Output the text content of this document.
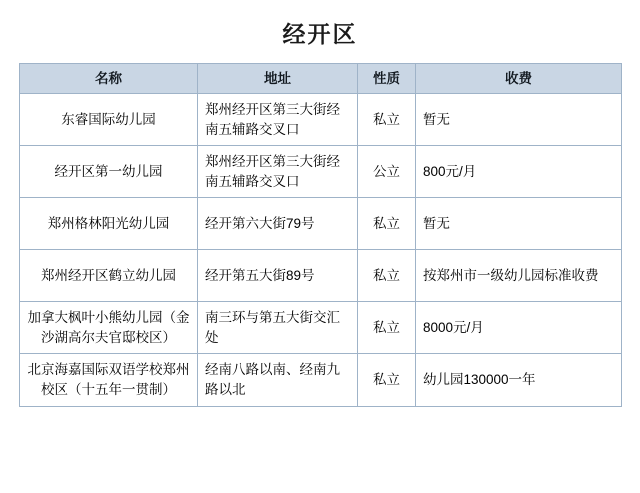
经开区
名称	地址	性质	收费
东睿国际幼儿园	郑州经开区第三大街经南五辅路交叉口	私立	暂无
经开区第一幼儿园	郑州经开区第三大街经南五辅路交叉口	公立	800元/月
郑州格林阳光幼儿园	经开第六大街79号	私立	暂无
郑州经开区鹤立幼儿园	经开第五大街89号	私立	按郑州市一级幼儿园标准收费
加拿大枫叶小熊幼儿园（金沙湖高尔夫官邸校区）	南三环与第五大街交汇处	私立	8000元/月
北京海嘉国际双语学校郑州校区（十五年一贯制）	经南八路以南、经南九路以北	私立	幼儿园130000一年
